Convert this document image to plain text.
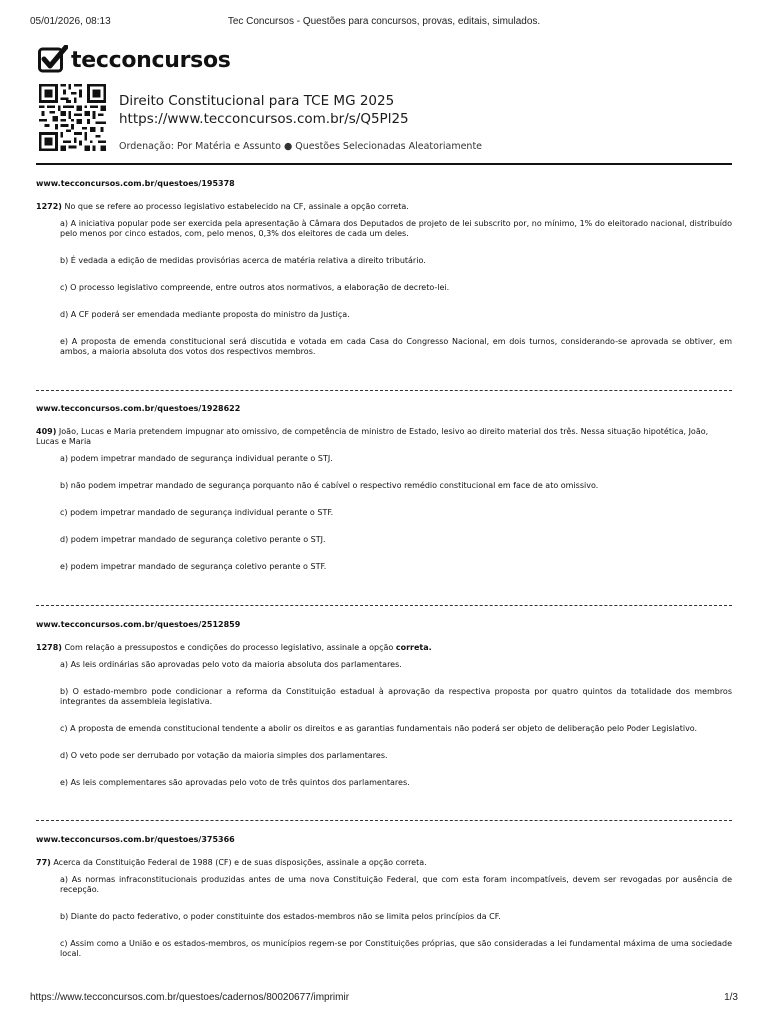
05/01/2026, 08:13	Tec Concursos - Questões para concursos, provas, editais, simulados.
tecconcursos
Direito Constitucional para TCE MG 2025
https://www.tecconcursos.com.br/s/Q5Pl25
Ordenação: Por Matéria e Assunto ● Questões Selecionadas Aleatoriamente
www.tecconcursos.com.br/questoes/195378
1272) No que se refere ao processo legislativo estabelecido na CF, assinale a opção correta.
a) A iniciativa popular pode ser exercida pela apresentação à Câmara dos Deputados de projeto de lei subscrito por, no mínimo, 1% do eleitorado nacional, distribuído pelo menos por cinco estados, com, pelo menos, 0,3% dos eleitores de cada um deles.
b) É vedada a edição de medidas provisórias acerca de matéria relativa a direito tributário.
c) O processo legislativo compreende, entre outros atos normativos, a elaboração de decreto-lei.
d) A CF poderá ser emendada mediante proposta do ministro da Justiça.
e) A proposta de emenda constitucional será discutida e votada em cada Casa do Congresso Nacional, em dois turnos, considerando-se aprovada se obtiver, em ambos, a maioria absoluta dos votos dos respectivos membros.
www.tecconcursos.com.br/questoes/1928622
409) João, Lucas e Maria pretendem impugnar ato omissivo, de competência de ministro de Estado, lesivo ao direito material dos três. Nessa situação hipotética, João, Lucas e Maria
a) podem impetrar mandado de segurança individual perante o STJ.
b) não podem impetrar mandado de segurança porquanto não é cabível o respectivo remédio constitucional em face de ato omissivo.
c) podem impetrar mandado de segurança individual perante o STF.
d) podem impetrar mandado de segurança coletivo perante o STJ.
e) podem impetrar mandado de segurança coletivo perante o STF.
www.tecconcursos.com.br/questoes/2512859
1278) Com relação a pressupostos e condições do processo legislativo, assinale a opção correta.
a) As leis ordinárias são aprovadas pelo voto da maioria absoluta dos parlamentares.
b) O estado-membro pode condicionar a reforma da Constituição estadual à aprovação da respectiva proposta por quatro quintos da totalidade dos membros integrantes da assembleia legislativa.
c) A proposta de emenda constitucional tendente a abolir os direitos e as garantias fundamentais não poderá ser objeto de deliberação pelo Poder Legislativo.
d) O veto pode ser derrubado por votação da maioria simples dos parlamentares.
e) As leis complementares são aprovadas pelo voto de três quintos dos parlamentares.
www.tecconcursos.com.br/questoes/375366
77) Acerca da Constituição Federal de 1988 (CF) e de suas disposições, assinale a opção correta.
a) As normas infraconstitucionais produzidas antes de uma nova Constituição Federal, que com esta foram incompatíveis, devem ser revogadas por ausência de recepção.
b) Diante do pacto federativo, o poder constituinte dos estados-membros não se limita pelos princípios da CF.
c) Assim como a União e os estados-membros, os municípios regem-se por Constituições próprias, que são consideradas a lei fundamental máxima de uma sociedade local.
https://www.tecconcursos.com.br/questoes/cadernos/80020677/imprimir	1/3
